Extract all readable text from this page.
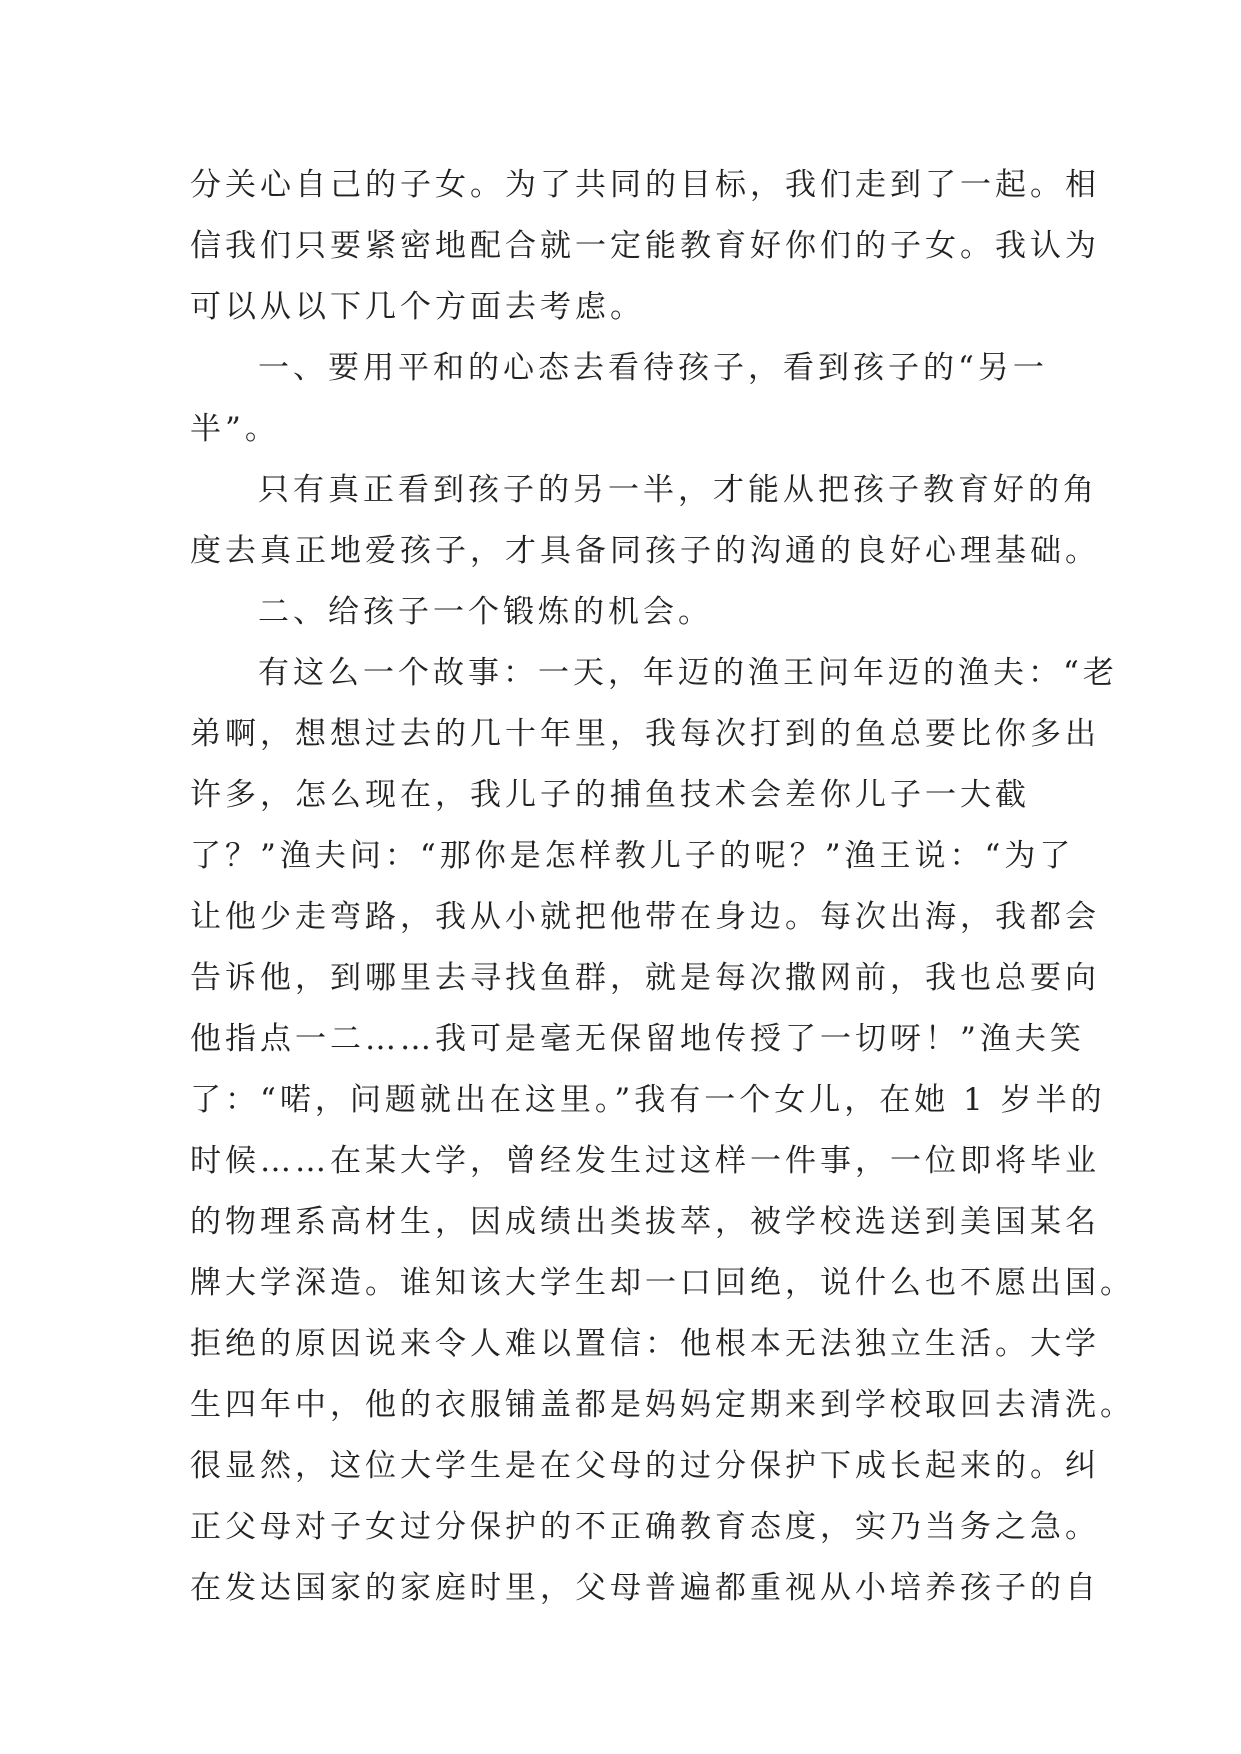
分关心自己的子女。为了共同的目标，我们走到了一起。相
信我们只要紧密地配合就一定能教育好你们的子女。我认为
可以从以下几个方面去考虑。
一、要用平和的心态去看待孩子，看到孩子的“另一
半”。
只有真正看到孩子的另一半，才能从把孩子教育好的角
度去真正地爱孩子，才具备同孩子的沟通的良好心理基础。
二、给孩子一个锻炼的机会。
有这么一个故事：一天，年迈的渔王问年迈的渔夫：“老
弟啊，想想过去的几十年里，我每次打到的鱼总要比你多出
许多，怎么现在，我儿子的捕鱼技术会差你儿子一大截
了？”渔夫问：“那你是怎样教儿子的呢？”渔王说：“为了
让他少走弯路，我从小就把他带在身边。每次出海，我都会
告诉他，到哪里去寻找鱼群，就是每次撒网前，我也总要向
他指点一二……我可是毫无保留地传授了一切呀！”渔夫笑
了：“喏，问题就出在这里。”我有一个女儿，在她 1 岁半的
时候……在某大学，曾经发生过这样一件事，一位即将毕业
的物理系高材生，因成绩出类拔萃，被学校选送到美国某名
牌大学深造。谁知该大学生却一口回绝，说什么也不愿出国。
拒绝的原因说来令人难以置信：他根本无法独立生活。大学
生四年中，他的衣服铺盖都是妈妈定期来到学校取回去清洗。
很显然，这位大学生是在父母的过分保护下成长起来的。纠
正父母对子女过分保护的不正确教育态度，实乃当务之急。
在发达国家的家庭时里，父母普遍都重视从小培养孩子的自
